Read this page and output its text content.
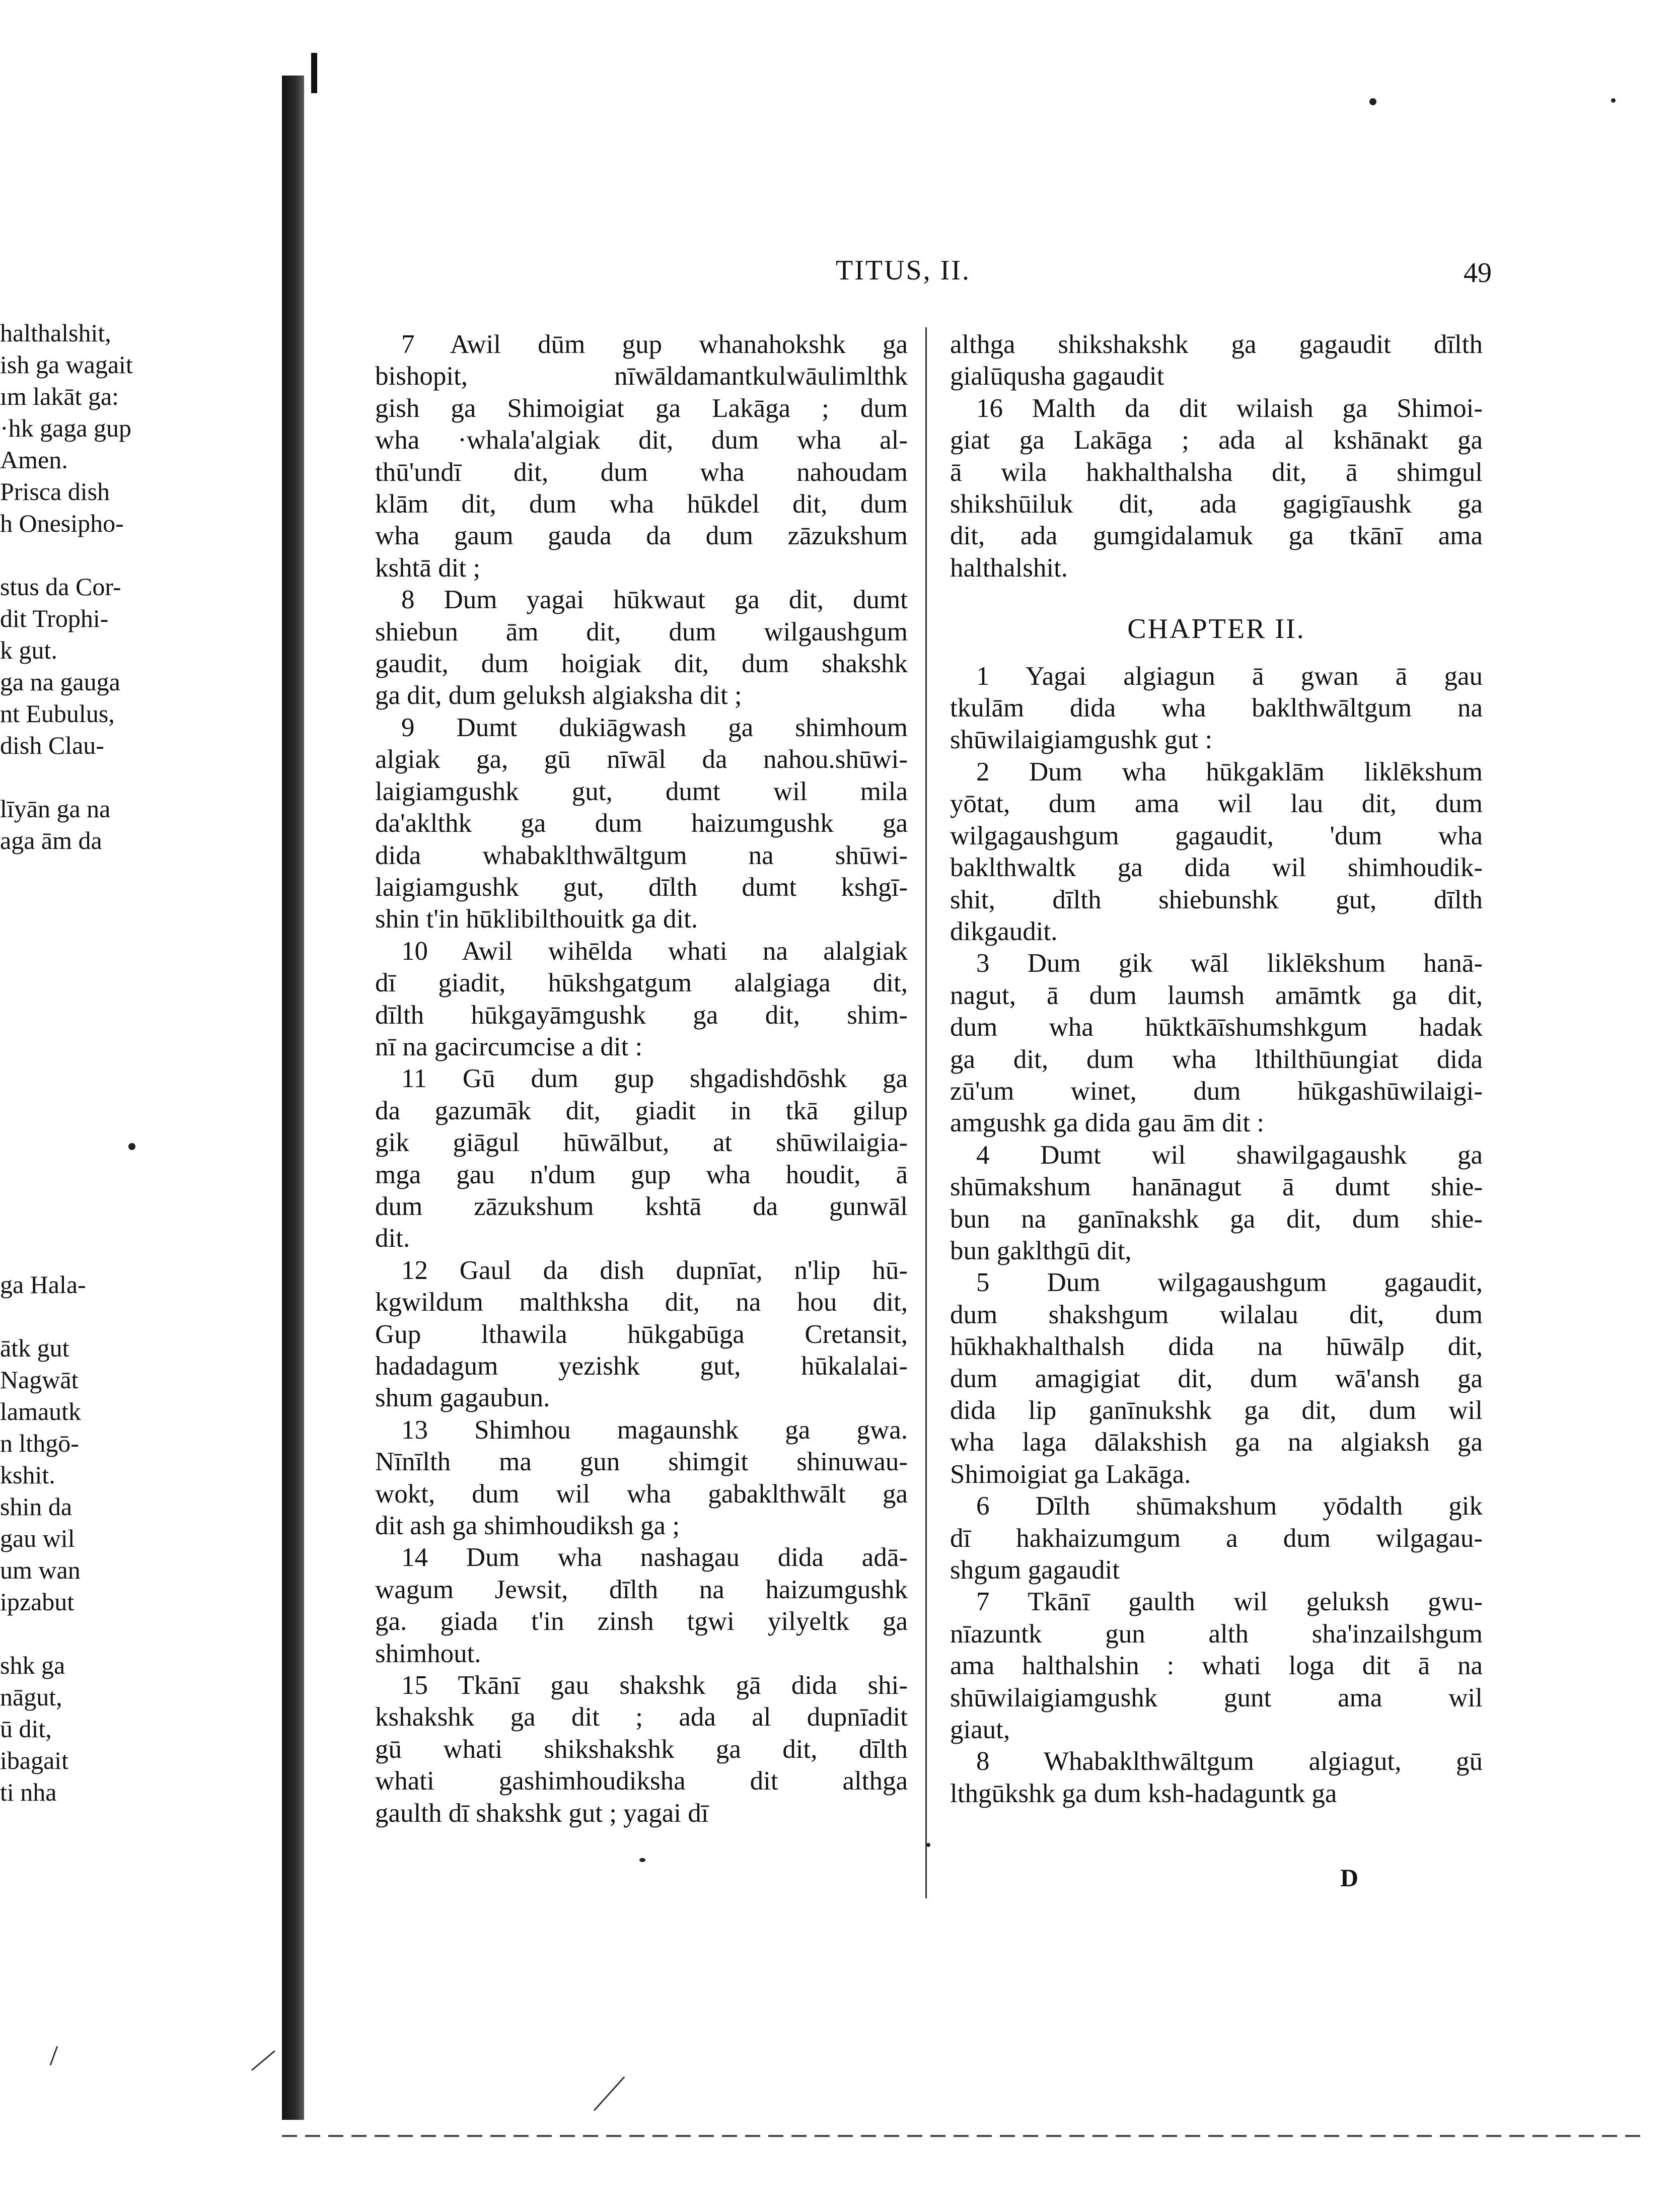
halthalshit,
ish ga wagait
ım lakāt ga:
·hk gaga gup
Amen.
Prisca dish
h Onesipho-
stus da Cor-
dit Trophi-
k gut.
ga na gauga
nt Eubulus,
dish Clau-
līyān ga na
aga ām da
ga Hala-
ātk gut
Nagwāt
lamautk
n lthgō-
kshit.
shin da
gau wil
um wan
ipzabut
shk ga
nāgut,
ū dit,
ibagait
ti nha
TITUS, II.	49
7 Awil dūm gup whanahokshk ga
bishopit, nīwāldamantkulwāulimlthk
gish ga Shimoigiat ga Lakāga ; dum
wha ·whala'algiak dit, dum wha al-
thū'undī dit, dum wha nahoudam
klām dit, dum wha hūkdel dit, dum
wha gaum gauda da dum zāzukshum
kshtā dit ;
8 Dum yagai hūkwaut ga dit, dumt
shiebun ām dit, dum wilgaushgum
gaudit, dum hoigiak dit, dum shakshk
ga dit, dum geluksh algiaksha dit ;
9 Dumt dukiāgwash ga shimhoum
algiak ga, gū nīwāl da nahou.shūwi-
laigiamgushk gut, dumt wil mila
da'aklthk ga dum haizumgushk ga
dida whabaklthwāltgum na shūwi-
laigiamgushk gut, dīlth dumt kshgī-
shin t'in hūklibilthouitk ga dit.
10 Awil wihēlda whati na alalgiak
dī giadit, hūkshgatgum alalgiaga dit,
dīlth hūkgayāmgushk ga dit, shim-
nī na gacircumcise a dit :
11 Gū dum gup shgadishdōshk ga
da gazumāk dit, giadit in tkā gilup
gik giāgul hūwālbut, at shūwilaigia-
mga gau n'dum gup wha houdit, ā
dum zāzukshum kshtā da gunwāl
dit.
12 Gaul da dish dupnīat, n'lip hū-
kgwildum malthksha dit, na hou dit,
Gup lthawila hūkgabūga Cretansit,
hadadagum yezishk gut, hūkalalai-
shum gagaubun.
13 Shimhou magaunshk ga gwa.
Nīnīlth ma gun shimgit shinuwau-
wokt, dum wil wha gabaklthwālt ga
dit ash ga shimhoudiksh ga ;
14 Dum wha nashagau dida adā-
wagum Jewsit, dīlth na haizumgushk
ga. giada t'in zinsh tgwi yilyeltk ga
shimhout.
15 Tkānī gau shakshk gā dida shi-
kshakshk ga dit ; ada al dupnīadit
gū whati shikshakshk ga dit, dīlth
whati gashimhoudiksha dit althga
gaulth dī shakshk gut ; yagai dī
althga shikshakshk ga gagaudit dīlth
gialūqusha gagaudit
16 Malth da dit wilaish ga Shimoi-
giat ga Lakāga ; ada al kshānakt ga
ā wila hakhalthalsha dit, ā shimgul
shikshūiluk dit, ada gagigīaushk ga
dit, ada gumgidalamuk ga tkānī ama
halthalshit.
CHAPTER II.
1 Yagai algiagun ā gwan ā gau
tkulām dida wha baklthwāltgum na
shūwilaigiamgushk gut :
2 Dum wha hūkgaklām liklēkshum
yōtat, dum ama wil lau dit, dum
wilgagaushgum gagaudit, 'dum wha
baklthwaltk ga dida wil shimhoudik-
shit, dīlth shiebunshk gut, dīlth
dikgaudit.
3 Dum gik wāl liklēkshum hanā-
nagut, ā dum laumsh amāmtk ga dit,
dum wha hūktkāīshumshkgum hadak
ga dit, dum wha lthilthūungiat dida
zū'um winet, dum hūkgashūwilaigi-
amgushk ga dida gau ām dit :
4 Dumt wil shawilgagaushk ga
shūmakshum hanānagut ā dumt shie-
bun na ganīnakshk ga dit, dum shie-
bun gaklthgū dit,
5 Dum wilgagaushgum gagaudit,
dum shakshgum wilalau dit, dum
hūkhakhalthalsh dida na hūwālp dit,
dum amagigiat dit, dum wā'ansh ga
dida lip ganīnukshk ga dit, dum wil
wha laga dālakshish ga na algiaksh ga
Shimoigiat ga Lakāga.
6 Dīlth shūmakshum yōdalth gik
dī hakhaizumgum a dum wilgagau-
shgum gagaudit
7 Tkānī gaulth wil geluksh gwu-
nīazuntk gun alth sha'inzailshgum
ama halthalshin : whati loga dit ā na
shūwilaigiamgushk gunt ama wil
giaut,
8 Whabaklthwāltgum algiagut, gū
lthgūkshk ga dum ksh-hadaguntk ga
D
